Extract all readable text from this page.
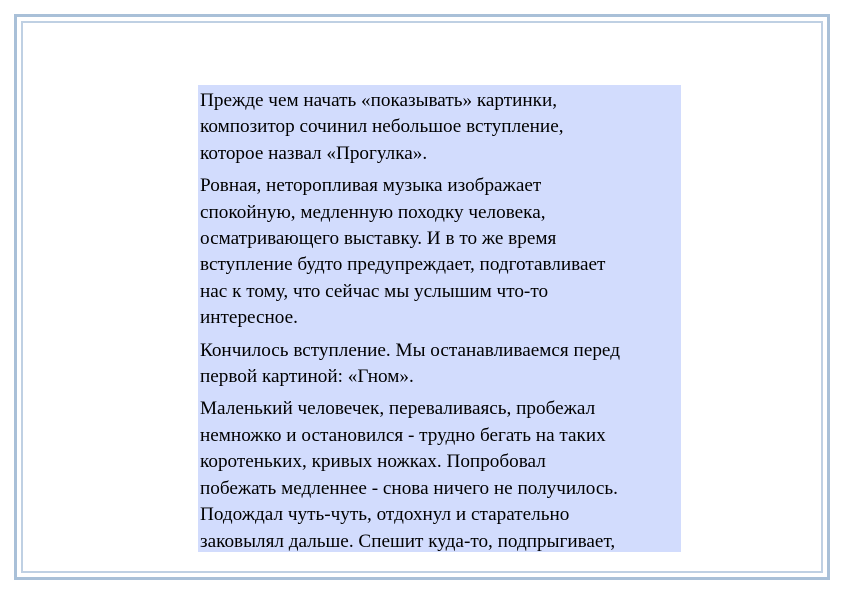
Прежде чем начать «показывать» картинки,
композитор сочинил небольшое вступление,
которое назвал «Прогулка».

Ровная, неторопливая музыка изображает
спокойную, медленную походку человека,
осматривающего выставку. И в то же время
вступление будто предупреждает, подготавливает
нас к тому, что сейчас мы услышим что-то
интересное.

Кончилось вступление. Мы останавливаемся перед
первой картиной: «Гном».

Маленький человечек, переваливаясь, пробежал
немножко и остановился - трудно бегать на таких
коротеньких, кривых ножках. Попробовал
побежать медленнее - снова ничего не получилось.
Подождал чуть-чуть, отдохнул и старательно
заковылял дальше. Спешит куда-то, подпрыгивает,
